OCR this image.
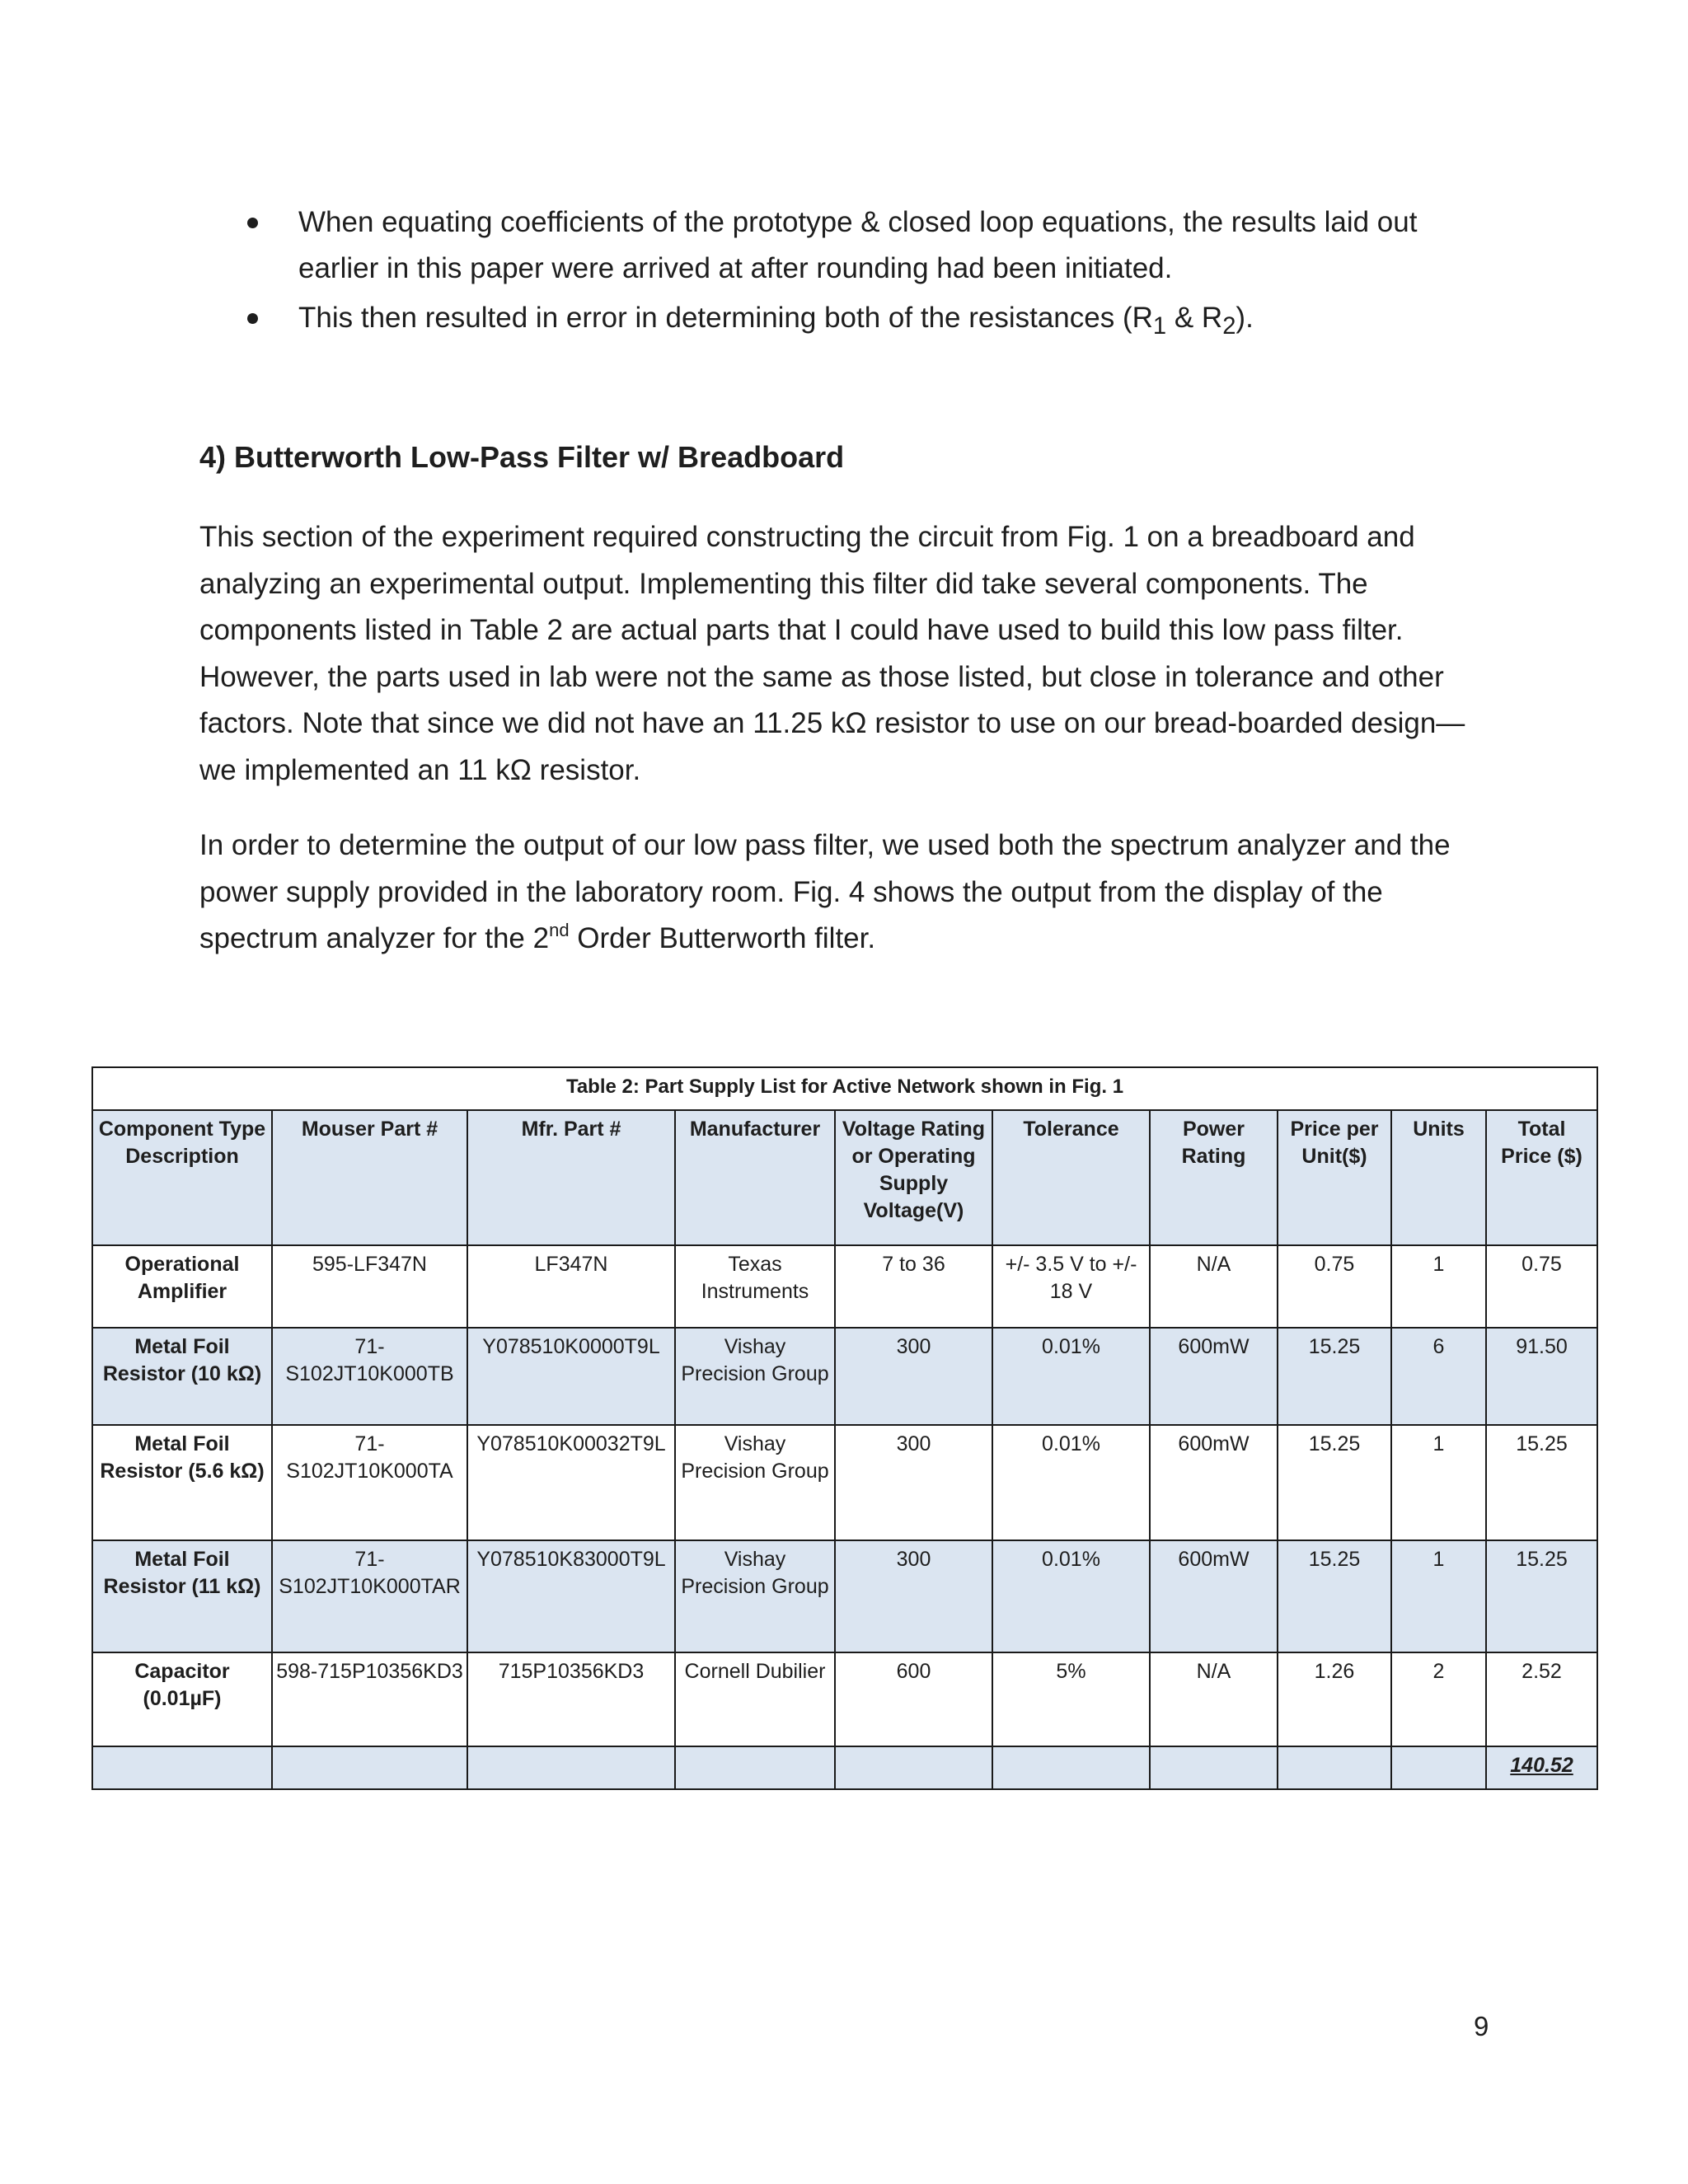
When equating coefficients of the prototype & closed loop equations, the results laid out earlier in this paper were arrived at after rounding had been initiated.
This then resulted in error in determining both of the resistances ($R_1$ & $R_2$).
4) Butterworth Low-Pass Filter w/ Breadboard

This section of the experiment required constructing the circuit from Fig. 1 on a breadboard and analyzing an experimental output. Implementing this filter did take several components. The components listed in Table 2 are actual parts that I could have used to build this low pass filter. However, the parts used in lab were not the same as those listed, but close in tolerance and other factors. Note that since we did not have an 11.25 kΩ resistor to use on our bread-boarded design—we implemented an 11 kΩ resistor.

In order to determine the output of our low pass filter, we used both the spectrum analyzer and the power supply provided in the laboratory room. Fig. 4 shows the output from the display of the spectrum analyzer for the 2nd Order Butterworth filter.

Table 2: Part Supply List for Active Network shown in Fig. 1									
Component Type Description	Mouser Part #	Mfr. Part #	Manufacturer	Voltage Rating or Operating Supply Voltage(V)	Tolerance	Power Rating	Price per Unit($)	Units	Total Price ($)
Operational Amplifier	595-LF347N	LF347N	Texas Instruments	7 to 36	+/- 3.5 V to +/- 18 V	N/A	0.75	1	0.75
Metal Foil Resistor (10 kΩ)	71-S102JT10K000TB	Y078510K0000T9L	Vishay Precision Group	300	0.01%	600mW	15.25	6	91.50
Metal Foil Resistor (5.6 kΩ)	71-S102JT10K000TA	Y078510K00032T9L	Vishay Precision Group	300	0.01%	600mW	15.25	1	15.25
Metal Foil Resistor (11 kΩ)	71-S102JT10K000TAR	Y078510K83000T9L	Vishay Precision Group	300	0.01%	600mW	15.25	1	15.25
Capacitor (0.01µF)	598-715P10356KD3	715P10356KD3	Cornell Dubilier	600	5%	N/A	1.26	2	2.52
									140.52
9
